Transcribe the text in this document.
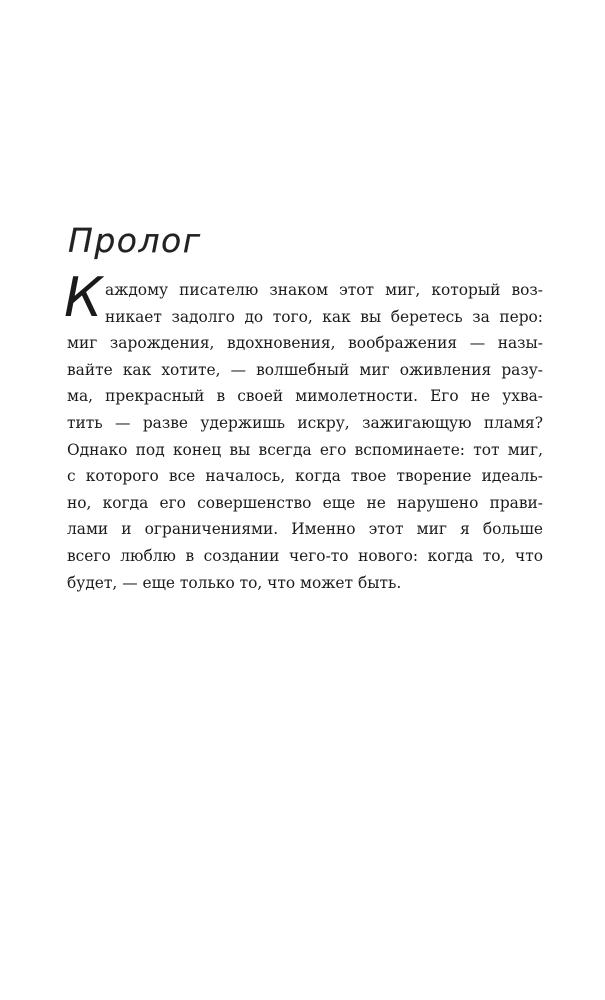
Пролог
К аждому писателю знаком этот миг, который воз-
никает задолго до того, как вы беретесь за перо:
миг зарождения, вдохновения, воображения — назы-
вайте как хотите, — волшебный миг оживления разу-
ма, прекрасный в своей мимолетности. Его не ухва-
тить — разве удержишь искру, зажигающую пламя?
Однако под конец вы всегда его вспоминаете: тот миг,
с которого все началось, когда твое творение идеаль-
но, когда его совершенство еще не нарушено прави-
лами и ограничениями. Именно этот миг я больше
всего люблю в создании чего-то нового: когда то, что
будет, — еще только то, что может быть.
